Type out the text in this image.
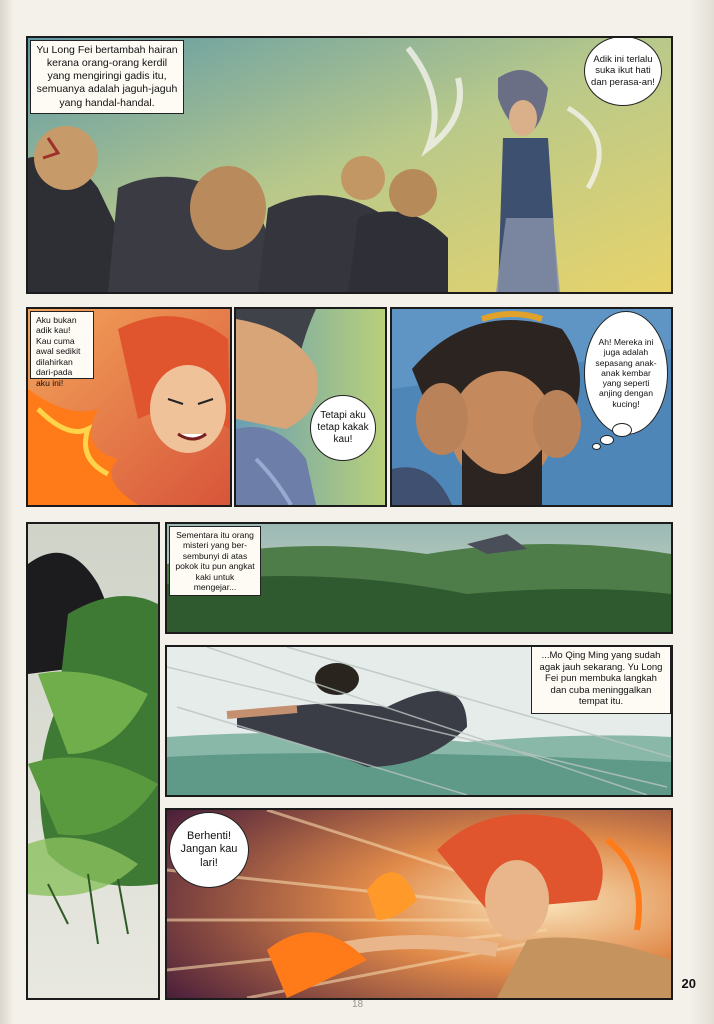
Yu Long Fei bertambah hairan kerana orang-orang kerdil yang mengiringi gadis itu, semuanya adalah jaguh-jaguh yang handal-handal.
Adik ini terlalu suka ikut hati dan perasa-an!
Aku bukan adik kau! Kau cuma awal sedikit dilahirkan dari-pada aku ini!
Tetapi aku tetap kakak kau!
Ah! Mereka ini juga adalah sepasang anak-anak kembar yang seperti anjing dengan kucing!
Sementara itu orang misteri yang ber-sembunyi di atas pokok itu pun angkat kaki untuk mengejar...
...Mo Qing Ming yang sudah agak jauh sekarang. Yu Long Fei pun membuka langkah dan cuba meninggalkan tempat itu.
Berhenti! Jangan kau lari!
20
18
